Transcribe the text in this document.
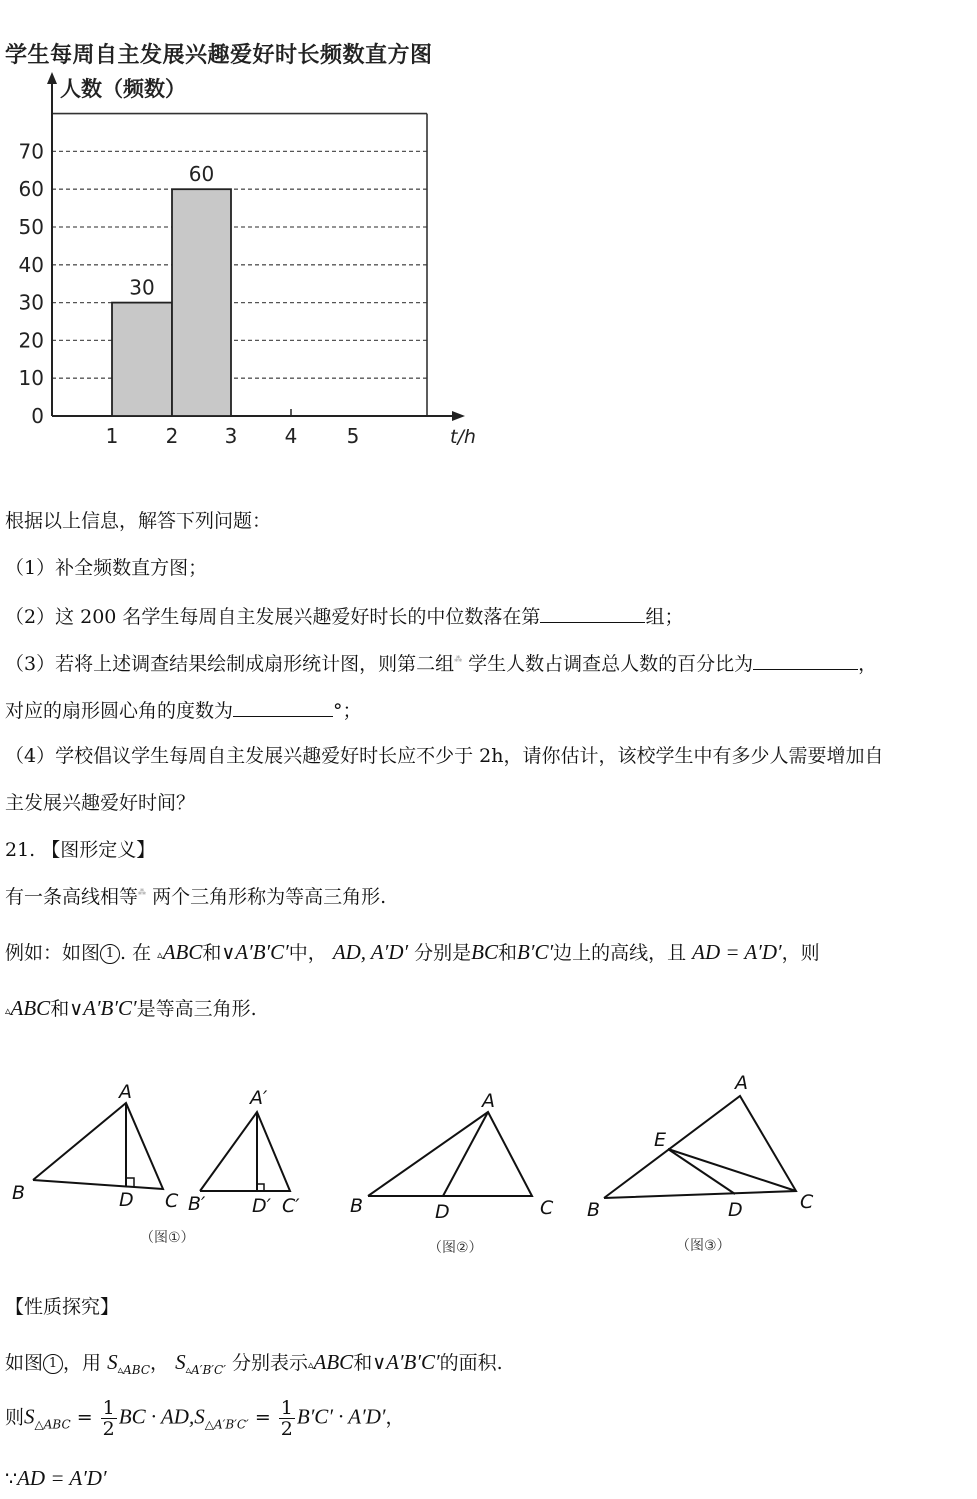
学生每周自主发展兴趣爱好时长频数直方图
人数（频数）
30
60
0
10
20
30
40
50
60
70
1 2 3 4 5	t/h
根据以上信息，解答下列问题：
（1）补全频数直方图；
（2）这 200 名学生每周自主发展兴趣爱好时长的中位数落在第	组；
（3）若将上述调查结果绘制成扇形统计图，则第二组⁂ 学生人数占调查总人数的百分比为	，
对应的扇形圆心角的度数为	°；
（4）学校倡议学生每周自主发展兴趣爱好时长应不少于 2h，请你估计，该校学生中有多少人需要增加自
主发展兴趣爱好时间？
21. 【图形定义】
有一条高线相等⁂ 两个三角形称为等高三角形.
例如：如图 1 . 在 ▵ABC和∨A′B′C′中， AD, A′D′ 分别是BC和B′C′边上的高线，且 AD = A′D′，则
▵ABC和∨A′B′C′是等高三角形.
A
B	D C
A′
B′ D′ C′
A
B	D	C
A
E
B	D	C
（图①）
（图②）	（图③）
【性质探究】
如图 1 ，用 $S_{▵ABC}$， $S_{▵A'B'C'}$ 分别表示▵ABC和∨A′B′C′的面积.
则$S_{\triangle ABC} = \frac{1}{2}$ BC · $AD,S_{\triangle A'B'C'} = \frac{1}{2} B'C' \cdot A'D'$，
∵AD = A′D′
